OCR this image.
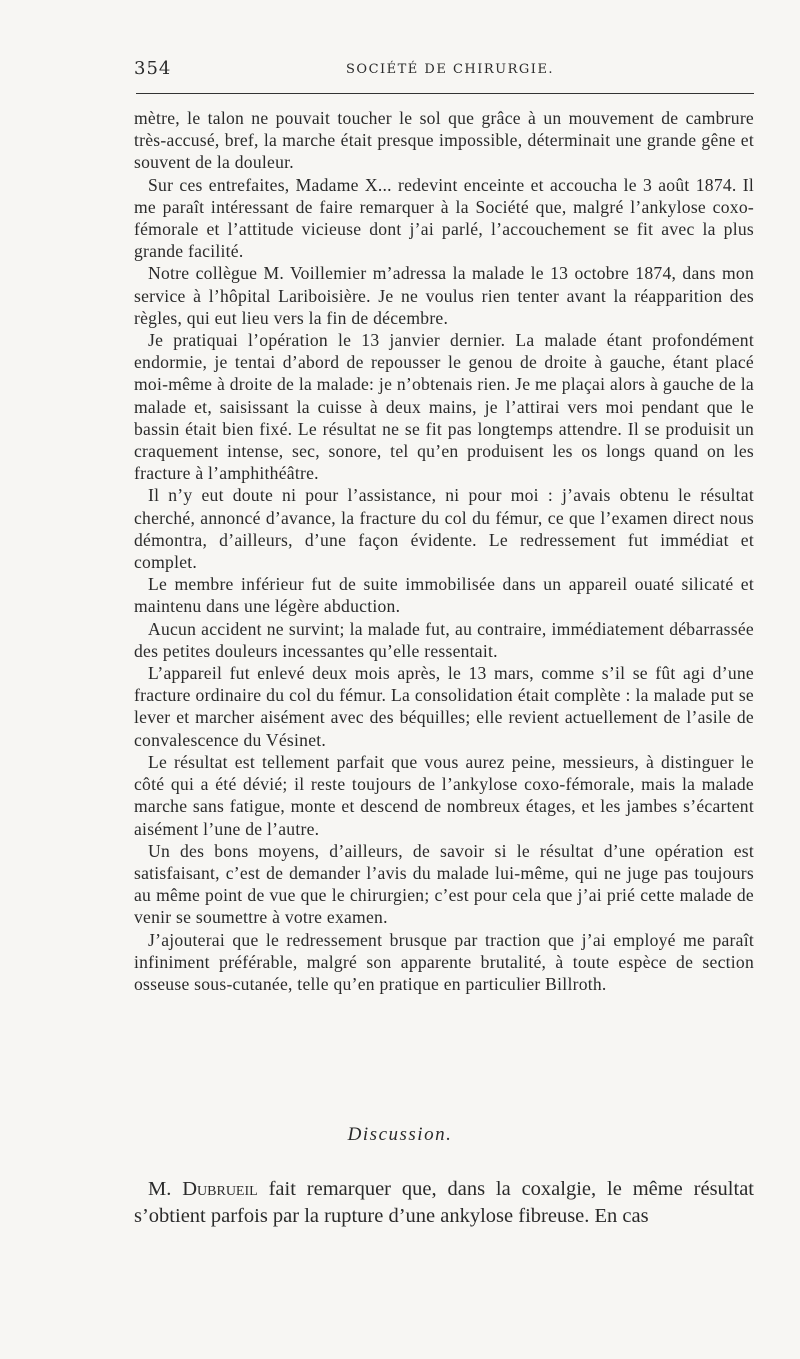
354	SOCIÉTÉ DE CHIRURGIE.

mètre, le talon ne pouvait toucher le sol que grâce à un mouvement de cambrure très-accusé, bref, la marche était presque impossible, déterminait une grande gêne et souvent de la douleur.

Sur ces entrefaites, Madame X... redevint enceinte et accoucha le 3 août 1874. Il me paraît intéressant de faire remarquer à la Société que, malgré l’ankylose coxo-fémorale et l’attitude vicieuse dont j’ai parlé, l’accouchement se fit avec la plus grande facilité.

Notre collègue M. Voillemier m’adressa la malade le 13 octobre 1874, dans mon service à l’hôpital Lariboisière. Je ne voulus rien tenter avant la réapparition des règles, qui eut lieu vers la fin de décembre.

Je pratiquai l’opération le 13 janvier dernier. La malade étant profondément endormie, je tentai d’abord de repousser le genou de droite à gauche, étant placé moi-même à droite de la malade: je n’obtenais rien. Je me plaçai alors à gauche de la malade et, saisissant la cuisse à deux mains, je l’attirai vers moi pendant que le bassin était bien fixé. Le résultat ne se fit pas longtemps attendre. Il se produisit un craquement intense, sec, sonore, tel qu’en produisent les os longs quand on les fracture à l’amphithéâtre.

Il n’y eut doute ni pour l’assistance, ni pour moi : j’avais obtenu le résultat cherché, annoncé d’avance, la fracture du col du fémur, ce que l’examen direct nous démontra, d’ailleurs, d’une façon évidente. Le redressement fut immédiat et complet.

Le membre inférieur fut de suite immobilisée dans un appareil ouaté silicaté et maintenu dans une légère abduction.

Aucun accident ne survint; la malade fut, au contraire, immédiatement débarrassée des petites douleurs incessantes qu’elle ressentait.

L’appareil fut enlevé deux mois après, le 13 mars, comme s’il se fût agi d’une fracture ordinaire du col du fémur. La consolidation était complète : la malade put se lever et marcher aisément avec des béquilles; elle revient actuellement de l’asile de convalescence du Vésinet.

Le résultat est tellement parfait que vous aurez peine, messieurs, à distinguer le côté qui a été dévié; il reste toujours de l’ankylose coxo-fémorale, mais la malade marche sans fatigue, monte et descend de nombreux étages, et les jambes s’écartent aisément l’une de l’autre.

Un des bons moyens, d’ailleurs, de savoir si le résultat d’une opération est satisfaisant, c’est de demander l’avis du malade lui-même, qui ne juge pas toujours au même point de vue que le chirurgien; c’est pour cela que j’ai prié cette malade de venir se soumettre à votre examen.

J’ajouterai que le redressement brusque par traction que j’ai employé me paraît infiniment préférable, malgré son apparente brutalité, à toute espèce de section osseuse sous-cutanée, telle qu’en pratique en particulier Billroth.

Discussion.

M. Dubrueil fait remarquer que, dans la coxalgie, le même résultat s’obtient parfois par la rupture d’une ankylose fibreuse. En cas
